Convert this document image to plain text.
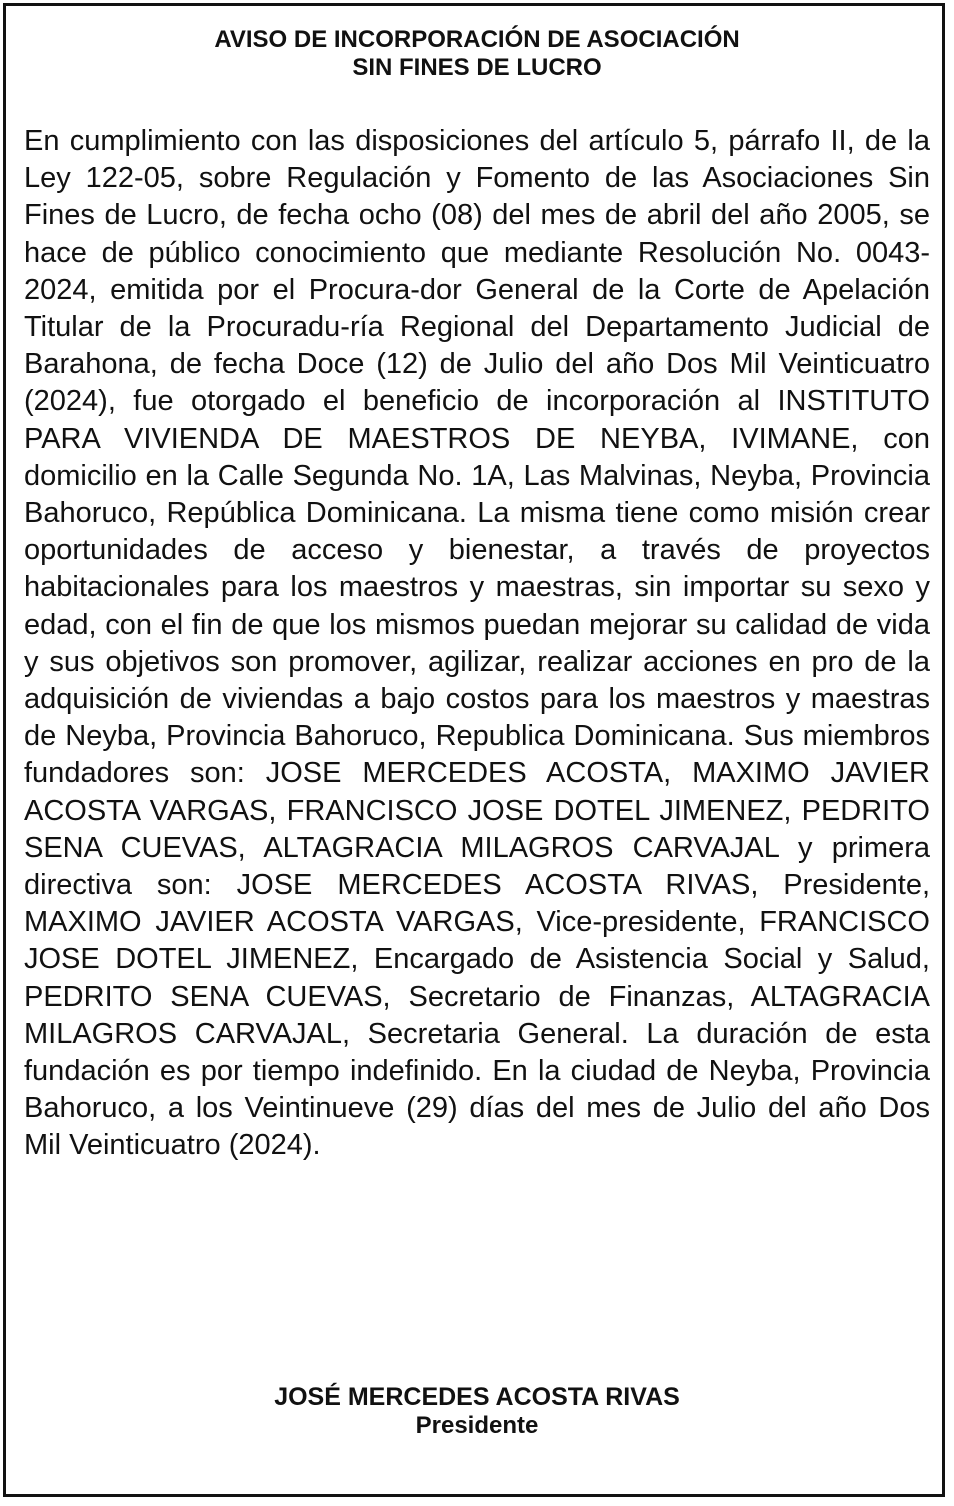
AVISO DE INCORPORACIÓN DE ASOCIACIÓN
SIN FINES DE LUCRO

En cumplimiento con las disposiciones del artículo 5, párrafo II, de la Ley 122-05, sobre Regulación y Fomento de las Asociaciones Sin Fines de Lucro, de fecha ocho (08) del mes de abril del año 2005, se hace de público conocimiento que mediante Resolución No. 0043-2024, emitida por el Procura-dor General de la Corte de Apelación Titular de la Procuradu-ría Regional del Departamento Judicial de Barahona, de fecha Doce (12) de Julio del año Dos Mil Veinticuatro (2024), fue otorgado el beneficio de incorporación al INSTITUTO PARA VIVIENDA DE MAESTROS DE NEYBA, IVIMANE, con domicilio en la Calle Segunda No. 1A, Las Malvinas, Neyba, Provincia Bahoruco, República Dominicana. La misma tiene como misión crear oportunidades de acceso y bienestar, a través de proyectos habitacionales para los maestros y maestras, sin importar su sexo y edad, con el fin de que los mismos puedan mejorar su calidad de vida y sus objetivos son promover, agilizar, realizar acciones en pro de la adquisición de viviendas a bajo costos para los maestros y maestras de Neyba, Provincia Bahoruco, Republica Dominicana. Sus miembros fundadores son: JOSE MERCEDES ACOSTA, MAXIMO JAVIER ACOSTA VARGAS, FRANCISCO JOSE DOTEL JIMENEZ, PEDRITO SENA CUEVAS, ALTAGRACIA MILAGROS CARVAJAL y primera directiva son: JOSE MERCEDES ACOSTA RIVAS, Presidente, MAXIMO JAVIER ACOSTA VARGAS, Vice-presidente, FRANCISCO JOSE DOTEL JIMENEZ, Encargado de Asistencia Social y Salud, PEDRITO SENA CUEVAS, Secretario de Finanzas, ALTAGRACIA MILAGROS CARVAJAL, Secretaria General. La duración de esta fundación es por tiempo indefinido. En la ciudad de Neyba, Provincia Bahoruco, a los Veintinueve (29) días del mes de Julio del año Dos Mil Veinticuatro (2024).

JOSÉ MERCEDES ACOSTA RIVAS
Presidente
